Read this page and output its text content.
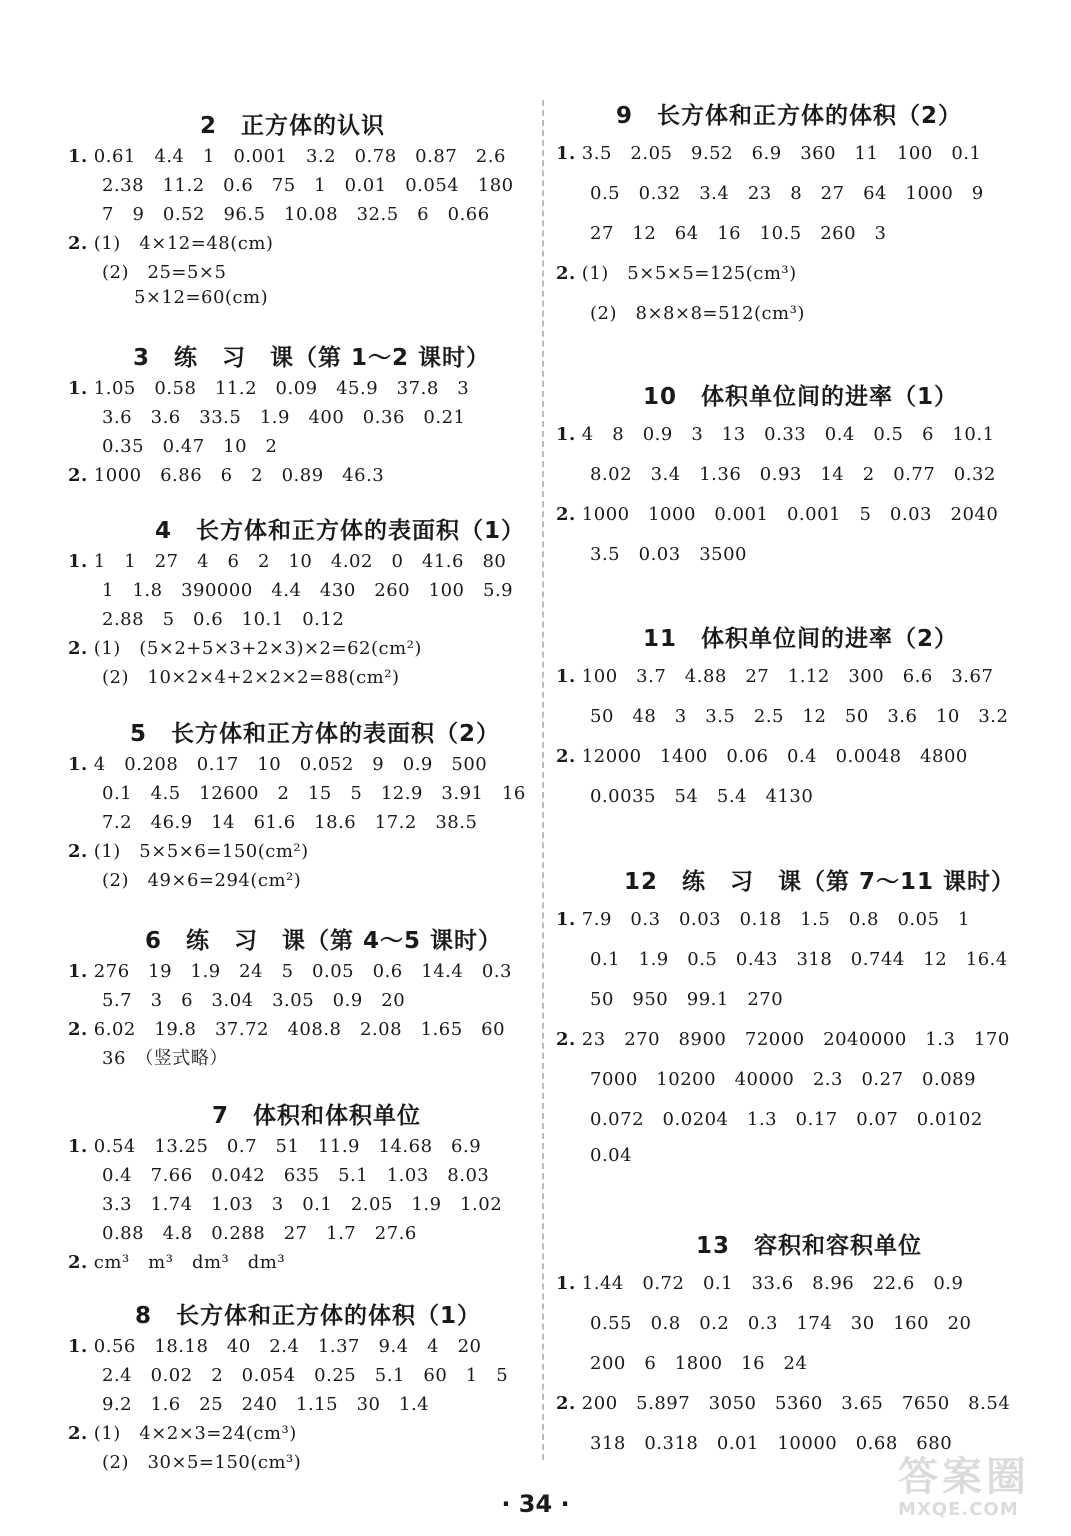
2　正方体的认识
1. 0.61　4.4　1　0.001　3.2　0.78　0.87　2.6
2.38　11.2　0.6　75　1　0.01　0.054　180
7　9　0.52　96.5　10.08　32.5　6　0.66
2. (1)　4×12=48(cm)
(2)　25=5×5
5×12=60(cm)
3　练　习　课（第 1～2 课时）
1. 1.05　0.58　11.2　0.09　45.9　37.8　3
3.6　3.6　33.5　1.9　400　0.36　0.21
0.35　0.47　10　2
2. 1000　6.86　6　2　0.89　46.3
4　长方体和正方体的表面积（1）
1. 1　1　27　4　6　2　10　4.02　0　41.6　80
1　1.8　390000　4.4　430　260　100　5.9
2.88　5　0.6　10.1　0.12
2. (1)　(5×2+5×3+2×3)×2=62(cm²)
(2)　10×2×4+2×2×2=88(cm²)
5　长方体和正方体的表面积（2）
1. 4　0.208　0.17　10　0.052　9　0.9　500
0.1　4.5　12600　2　15　5　12.9　3.91　16
7.2　46.9　14　61.6　18.6　17.2　38.5
2. (1)　5×5×6=150(cm²)
(2)　49×6=294(cm²)
6　练　习　课（第 4～5 课时）
1. 276　19　1.9　24　5　0.05　0.6　14.4　0.3
5.7　3　6　3.04　3.05　0.9　20
2. 6.02　19.8　37.72　408.8　2.08　1.65　60
36　（竖式略）
7　体积和体积单位
1. 0.54　13.25　0.7　51　11.9　14.68　6.9
0.4　7.66　0.042　635　5.1　1.03　8.03
3.3　1.74　1.03　3　0.1　2.05　1.9　1.02
0.88　4.8　0.288　27　1.7　27.6
2. cm³　m³　dm³　dm³
8　长方体和正方体的体积（1）
1. 0.56　18.18　40　2.4　1.37　9.4　4　20
2.4　0.02　2　0.054　0.25　5.1　60　1　5
9.2　1.6　25　240　1.15　30　1.4
2. (1)　4×2×3=24(cm³)
(2)　30×5=150(cm³)
9　长方体和正方体的体积（2）
1. 3.5　2.05　9.52　6.9　360　11　100　0.1
0.5　0.32　3.4　23　8　27　64　1000　9
27　12　64　16　10.5　260　3
2. (1)　5×5×5=125(cm³)
(2)　8×8×8=512(cm³)
10　体积单位间的进率（1）
1. 4　8　0.9　3　13　0.33　0.4　0.5　6　10.1
8.02　3.4　1.36　0.93　14　2　0.77　0.32
2. 1000　1000　0.001　0.001　5　0.03　2040
3.5　0.03　3500
11　体积单位间的进率（2）
1. 100　3.7　4.88　27　1.12　300　6.6　3.67
50　48　3　3.5　2.5　12　50　3.6　10　3.2
2. 12000　1400　0.06　0.4　0.0048　4800
0.0035　54　5.4　4130
12　练　习　课（第 7～11 课时）
1. 7.9　0.3　0.03　0.18　1.5　0.8　0.05　1
0.1　1.9　0.5　0.43　318　0.744　12　16.4
50　950　99.1　270
2. 23　270　8900　72000　2040000　1.3　170
7000　10200　40000　2.3　0.27　0.089
0.072　0.0204　1.3　0.17　0.07　0.0102
0.04
13　容积和容积单位
1. 1.44　0.72　0.1　33.6　8.96　22.6　0.9
0.55　0.8　0.2　0.3　174　30　160　20
200　6　1800　16　24
2. 200　5.897　3050　5360　3.65　7650　8.54
318　0.318　0.01　10000　0.68　680
· 34 ·
答案圈
MXQE.COM
